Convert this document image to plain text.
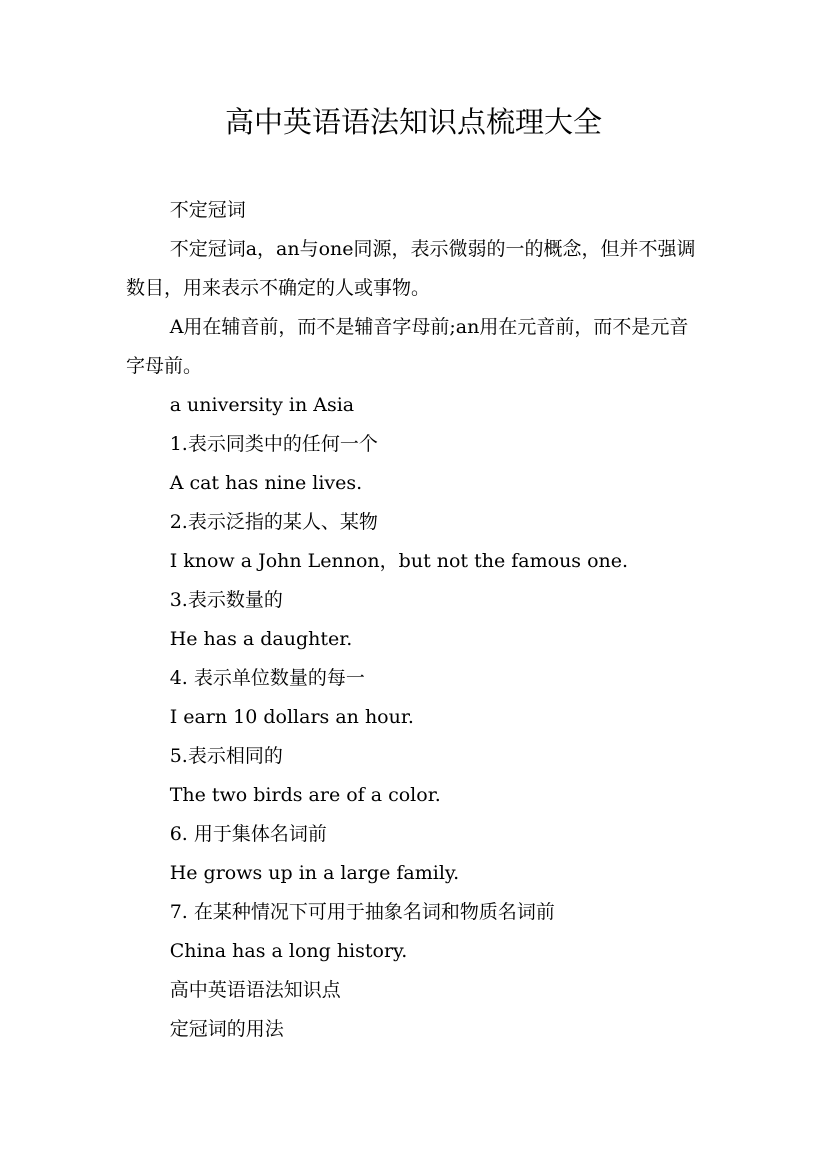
高中英语语法知识点梳理大全

不定冠词

不定冠词a，an与one同源，表示微弱的一的概念，但并不强调数目，用来表示不确定的人或事物。

A用在辅音前，而不是辅音字母前;an用在元音前，而不是元音字母前。

a university in Asia

1.表示同类中的任何一个

A cat has nine lives.

2.表示泛指的某人、某物

I know a John Lennon，but not the famous one.

3.表示数量的

He has a daughter.

4. 表示单位数量的每一

I earn 10 dollars an hour.

5.表示相同的

The two birds are of a color.

6. 用于集体名词前

He grows up in a large family.

7. 在某种情况下可用于抽象名词和物质名词前

China has a long history.

高中英语语法知识点

定冠词的用法
